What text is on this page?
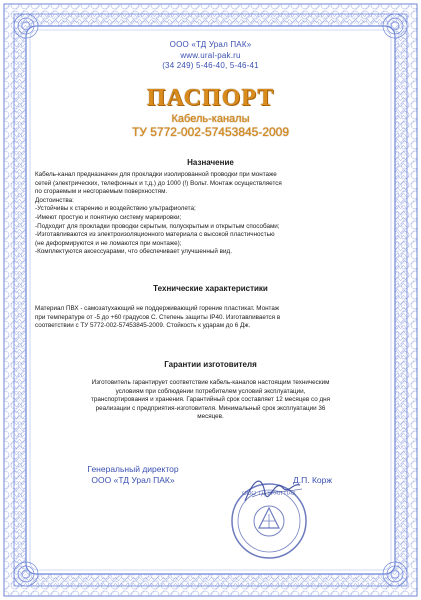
ООО «ТД Урал ПАК»
www.ural-pak.ru
(34 249) 5-46-40, 5-46-41
ПАСПОРТ
Кабель-каналы
ТУ 5772-002-57453845-2009
Назначение

Кабель-канал предназначен для прокладки изолированной проводки при монтаже

сетей (электрических, телефонных и т.д.) до 1000 (!) Вольт. Монтаж осуществляется

по сгораемым и несгораемым поверхностям.

Достоинства:

-Устойчивы к старению и воздействию ультрафиолета;

-Имеют простую и понятную систему маркировки;

-Подходит для прокладки проводки скрытым, полускрытым и открытым способами;

-Изготавливаются из электроизоляционного материала с высокой пластичностью

(не деформируются и не ломаются при монтаже);

-Комплектуются аксессуарами, что обеспечивает улучшенный вид.

Технические характеристики

Материал ПВХ - самозатухающий не поддерживающий горение пластикат. Монтаж

при температуре от -5 до +60 градусов С. Степень защиты IP40. Изготавливается в

соответствии с ТУ 5772-002-57453845-2009. Стойкость к ударам до 6 Дж.

Гарантии изготовителя

Изготовитель гарантирует соответствие кабель-каналов настоящим техническим

условиям при соблюдении потребителем условий эксплуатации,

транспортирования и хранения. Гарантийный срок составляет 12 месяцев со дня

реализации с предприятия-изготовителя. Минимальный срок эксплуатации 36

месяцев.

Генеральный директор
ООО «ТД Урал ПАК»	Д.П. Корж
ООО ТД УРАЛ ПАК
